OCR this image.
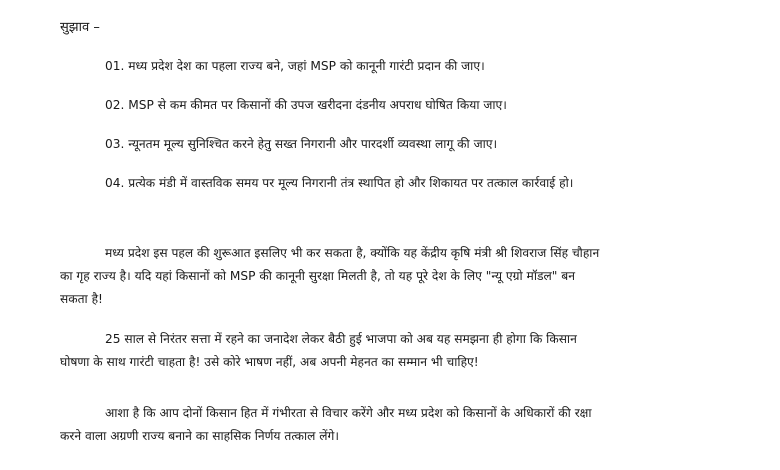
सुझाव –

01. मध्य प्रदेश देश का पहला राज्य बने, जहां MSP को कानूनी गारंटी प्रदान की जाए।

02. MSP से कम कीमत पर किसानों की उपज खरीदना दंडनीय अपराध घोषित किया जाए।

03. न्यूनतम मूल्य सुनिश्चित करने हेतु सख्त निगरानी और पारदर्शी व्यवस्था लागू की जाए।

04. प्रत्येक मंडी में वास्तविक समय पर मूल्य निगरानी तंत्र स्थापित हो और शिकायत पर तत्काल कार्रवाई हो।

मध्य प्रदेश इस पहल की शुरूआत इसलिए भी कर सकता है, क्योंकि यह केंद्रीय कृषि मंत्री श्री शिवराज सिंह चौहान
का गृह राज्य है। यदि यहां किसानों को MSP की कानूनी सुरक्षा मिलती है, तो यह पूरे देश के लिए "न्यू एग्रो मॉडल" बन
सकता है!

25 साल से निरंतर सत्ता में रहने का जनादेश लेकर बैठी हुई भाजपा को अब यह समझना ही होगा कि किसान
घोषणा के साथ गारंटी चाहता है! उसे कोरे भाषण नहीं, अब अपनी मेहनत का सम्मान भी चाहिए!

आशा है कि आप दोनों किसान हित में गंभीरता से विचार करेंगे और मध्य प्रदेश को किसानों के अधिकारों की रक्षा
करने वाला अग्रणी राज्य बनाने का साहसिक निर्णय तत्काल लेंगे।
